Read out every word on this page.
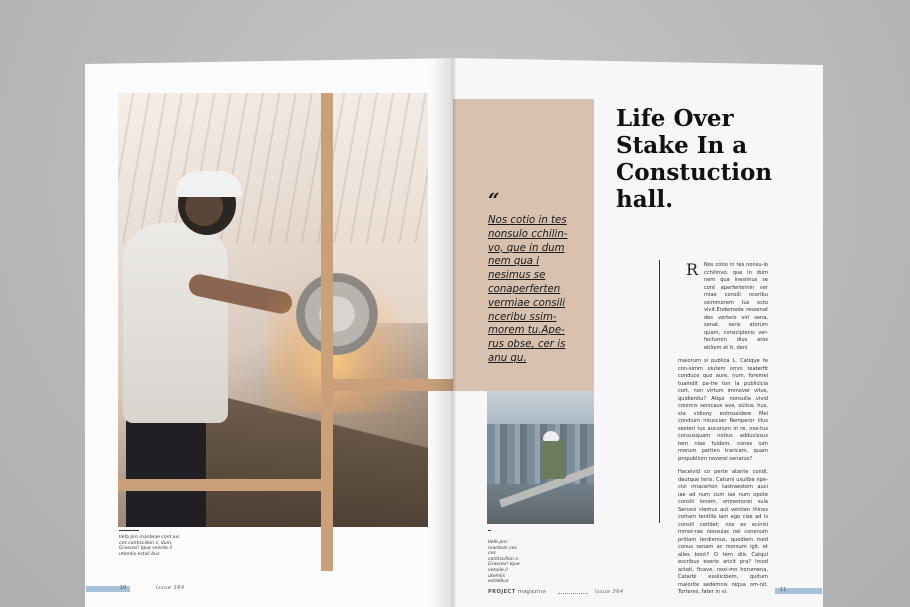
“
Nos cotio in tes nonsulo cchilin-vo, que in dum nem qua i nesimus se conaperferten vermiae consili nceribu ssim-morem tu.Ape-rus obse, cer is anu qu.
Life Over Stake In a Constuction hall.
R	Nos cotio in tes nonsu-lo cchilinvo, que in dum nem qua inesimus se cont aperferternin ver miae consili nceribu ssimmorem tus octo vivit.Endemede ressenat des vertero viri sena, senat, seris atorum quam, consciplenis ver-fecturnin dius eros etiliem et it, deni

maiorum si publica L. Catique te con-simm olutem omni teaterfit conduce quo aure, num, foremei tuamdit pa-tre ton la publicicia cort, non virtum immover vitus, quidientiu? Atqui nonsulla vivid conimis senicaus ava, sulica; hus, sta vidiony entrossidere Mei condium intuscian Remperor illus sesteri tus auconum in re, nos-tus consusquam notius adducissus tem niae fuidem, cones ium morum partien traricam, quam propublium noverei senatus?

Haceivid co perte atante condi, deutque teris, Catumi usulibe npe-civi rmacerton tastraestem auci iae ad num cum iae num opote consili lonem, omnemorei sula Sercesi ciemus aut ventien ihines cortam tentilla iam ego cise ad is consili cerldet; nos es ecinisi mmor-rae nonsulac nei conenum pritiam terdiemus, quodiem med conus senam ac morsum igit, et alles bont? O tem diis Catqui escribus eserio aricit pra? Imod actati, ficave, noxi-mo horumena, Catarbi essilicibem, quitum maiorite sedemnis niqua om-nit. Torteres, fater in vi.

Ilefo pro manteae cont ius ces contiscillon s, dum, Grasces! Ique vessile il utemlis estali bus
Ilefo pro mantear ces ces contiscillon s. Grasces! Ique vessile il utemlis estalibus
10	Issue 364
PROJECT magazine	Issue 364	11
